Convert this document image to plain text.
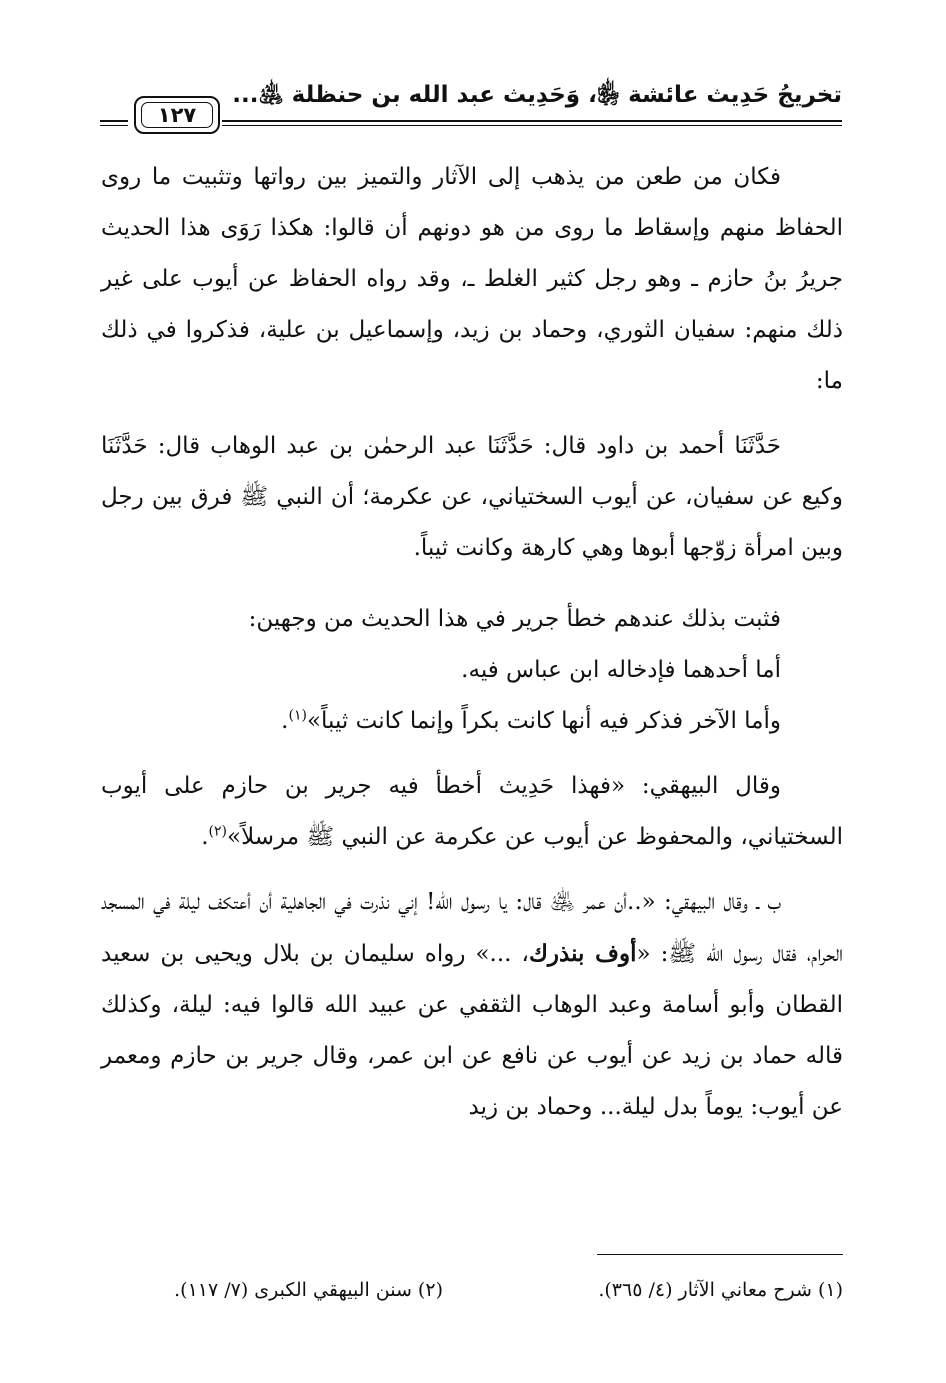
تخريجُ حَدِيث عائشة ﵂، وَحَدِيث عبد الله بن حنظلة ﵁...
١٢٧

فكان من طعن من يذهب إلى الآثار والتميز بين رواتها وتثبيت ما روى الحفاظ منهم وإسقاط ما روى من هو دونهم أن قالوا: هكذا رَوَى هذا الحديث جريرُ بنُ حازم ـ وهو رجل كثير الغلط ـ، وقد رواه الحفاظ عن أيوب على غير ذلك منهم: سفيان الثوري، وحماد بن زيد، وإسماعيل بن علية، فذكروا في ذلك ما:

حَدَّثَنَا أحمد بن داود قال: حَدَّثَنَا عبد الرحمٰن بن عبد الوهاب قال: حَدَّثَنَا وكيع عن سفيان، عن أيوب السختياني، عن عكرمة؛ أن النبي ﷺ فرق بين رجل وبين امرأة زوّجها أبوها وهي كارهة وكانت ثيباً.

فثبت بذلك عندهم خطأ جرير في هذا الحديث من وجهين:

أما أحدهما فإدخاله ابن عباس فيه.

وأما الآخر فذكر فيه أنها كانت بكراً وإنما كانت ثيباً»$^{(١)}$.

وقال البيهقي: «فهذا حَدِيث أخطأ فيه جرير بن حازم على أيوب السختياني، والمحفوظ عن أيوب عن عكرمة عن النبي ﷺ مرسلاً»$^{(٢)}$.

ب ـ وقال البيهقي: «..أن عمر ﵁ قال: يا رسول الله! إني نذرت في الجاهلية أن أعتكف ليلة في المسجد الحرام، فقال رسول الله ﷺ: «أوف بنذرك، ...» رواه سليمان بن بلال ويحيى بن سعيد القطان وأبو أسامة وعبد الوهاب الثقفي عن عبيد الله قالوا فيه: ليلة، وكذلك قاله حماد بن زيد عن أيوب عن نافع عن ابن عمر، وقال جرير بن حازم ومعمر عن أيوب: يوماً بدل ليلة... وحماد بن زيد

(١) شرح معاني الآثار (٤/ ٣٦٥).
(٢) سنن البيهقي الكبرى (٧/ ١١٧).
